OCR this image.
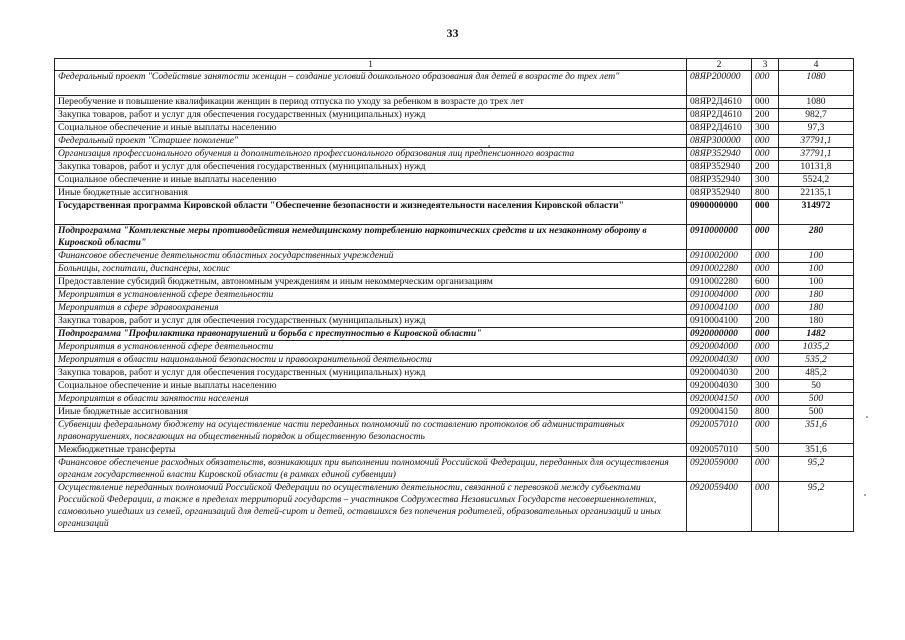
33
1	2	3	4
Федеральный проект "Содействие занятости женщин – создание условий дошкольного образования для детей в возрасте до трех лет"	08ЯР200000	000	1080
Переобучение и повышение квалификации женщин в период отпуска по уходу за ребенком в возрасте до трех лет	08ЯР2Д4610	000	1080
Закупка товаров, работ и услуг для обеспечения государственных (муниципальных) нужд	08ЯР2Д4610	200	982,7
Социальное обеспечение и иные выплаты населению	08ЯР2Д4610	300	97,3
Федеральный проект "Старшее поколение"	08ЯР300000	000	37791,1
Организация профессионального обучения и дополнительного профессионального образования лиц предпенсионного возраста	08ЯР352940	000	37791,1
Закупка товаров, работ и услуг для обеспечения государственных (муниципальных) нужд	08ЯР352940	200	10131,8
Социальное обеспечение и иные выплаты населению	08ЯР352940	300	5524,2
Иные бюджетные ассигнования	08ЯР352940	800	22135,1
Государственная программа Кировской области "Обеспечение безопасности и жизнедеятельности населения Кировской области"	0900000000	000	314972
Подпрограмма "Комплексные меры противодействия немедицинскому потреблению наркотических средств и их незаконному обороту в Кировской области"	0910000000	000	280
Финансовое обеспечение деятельности областных государственных учреждений	0910002000	000	100
Больницы, госпитали, диспансеры, хоспис	0910002280	000	100
Предоставление субсидий бюджетным, автономным учреждениям и иным некоммерческим организациям	0910002280	600	100
Мероприятия в установленной сфере деятельности	0910004000	000	180
Мероприятия в сфере здравоохранения	0910004100	000	180
Закупка товаров, работ и услуг для обеспечения государственных (муниципальных) нужд	0910004100	200	180
Подпрограмма "Профилактика правонарушений и борьба с преступностью в Кировской области"	0920000000	000	1482
Мероприятия в установленной сфере деятельности	0920004000	000	1035,2
Мероприятия в области национальной безопасности и правоохранительной деятельности	0920004030	000	535,2
Закупка товаров, работ и услуг для обеспечения государственных (муниципальных) нужд	0920004030	200	485,2
Социальное обеспечение и иные выплаты населению	0920004030	300	50
Мероприятия в области занятости населения	0920004150	000	500
Иные бюджетные ассигнования	0920004150	800	500
Субвенции федеральному бюджету на осуществление части переданных полномочий по составлению протоколов об административных правонарушениях, посягающих на общественный порядок и общественную безопасность	0920057010	000	351,6
Межбюджетные трансферты	0920057010	500	351,6
Финансовое обеспечение расходных обязательств, возникающих при выполнении полномочий Российской Федерации, переданных для осуществления органам государственной власти Кировской области (в рамках единой субвенции)	0920059000	000	95,2
Осуществление переданных полномочий Российской Федерации по осуществлению деятельности, связанной с перевозкой между субъектами Российской Федерации, а также в пределах территорий государств – участников Содружества Независимых Государств несовершеннолетних, самовольно ушедших из семей, организаций для детей-сирот и детей, оставшихся без попечения родителей, образовательных организаций и иных организаций	0920059400	000	95,2
